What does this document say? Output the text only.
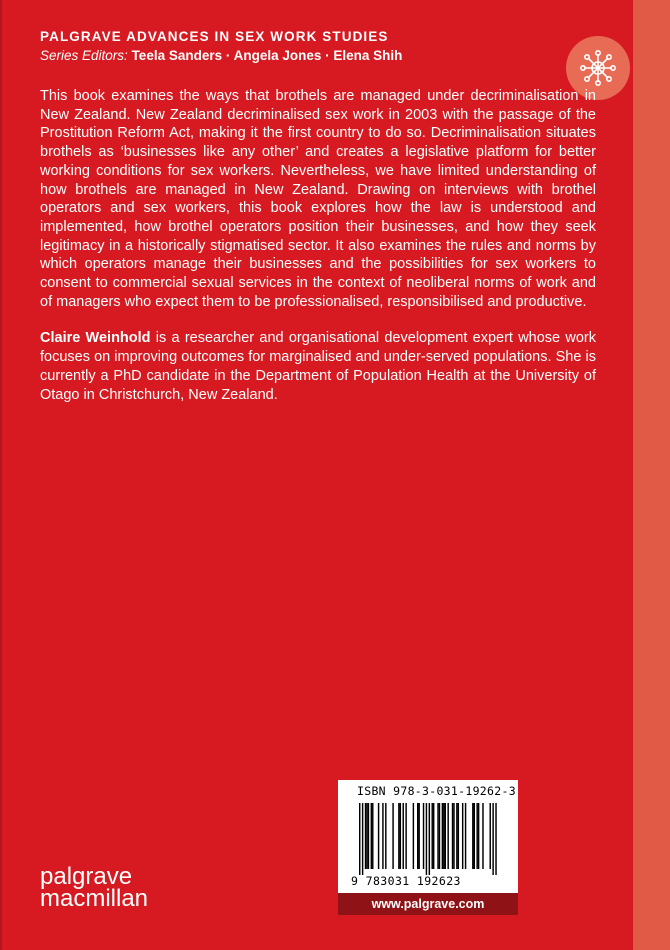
PALGRAVE ADVANCES IN SEX WORK STUDIES
Series Editors: Teela Sanders · Angela Jones · Elena Shih

This book examines the ways that brothels are managed under decriminalisation in New Zealand. New Zealand decriminalised sex work in 2003 with the passage of the Prostitution Reform Act, making it the first country to do so. Decriminalisation situates brothels as ‘businesses like any other’ and creates a legislative platform for better working conditions for sex workers. Nevertheless, we have limited understanding of how brothels are managed in New Zealand. Drawing on interviews with brothel operators and sex workers, this book explores how the law is understood and implemented, how brothel operators position their businesses, and how they seek legitimacy in a historically stigmatised sector. It also examines the rules and norms by which operators manage their businesses and the possibilities for sex workers to consent to commercial sexual services in the context of neoliberal norms of work and of managers who expect them to be professionalised, responsibilised and productive.

Claire Weinhold is a researcher and organisational development expert whose work focuses on improving outcomes for marginalised and under-served populations. She is currently a PhD candidate in the Department of Population Health at the University of Otago in Christchurch, New Zealand.

ISBN 978-3-031-19262-3
9 783031 192623
www.palgrave.com
palgrave
macmillan
